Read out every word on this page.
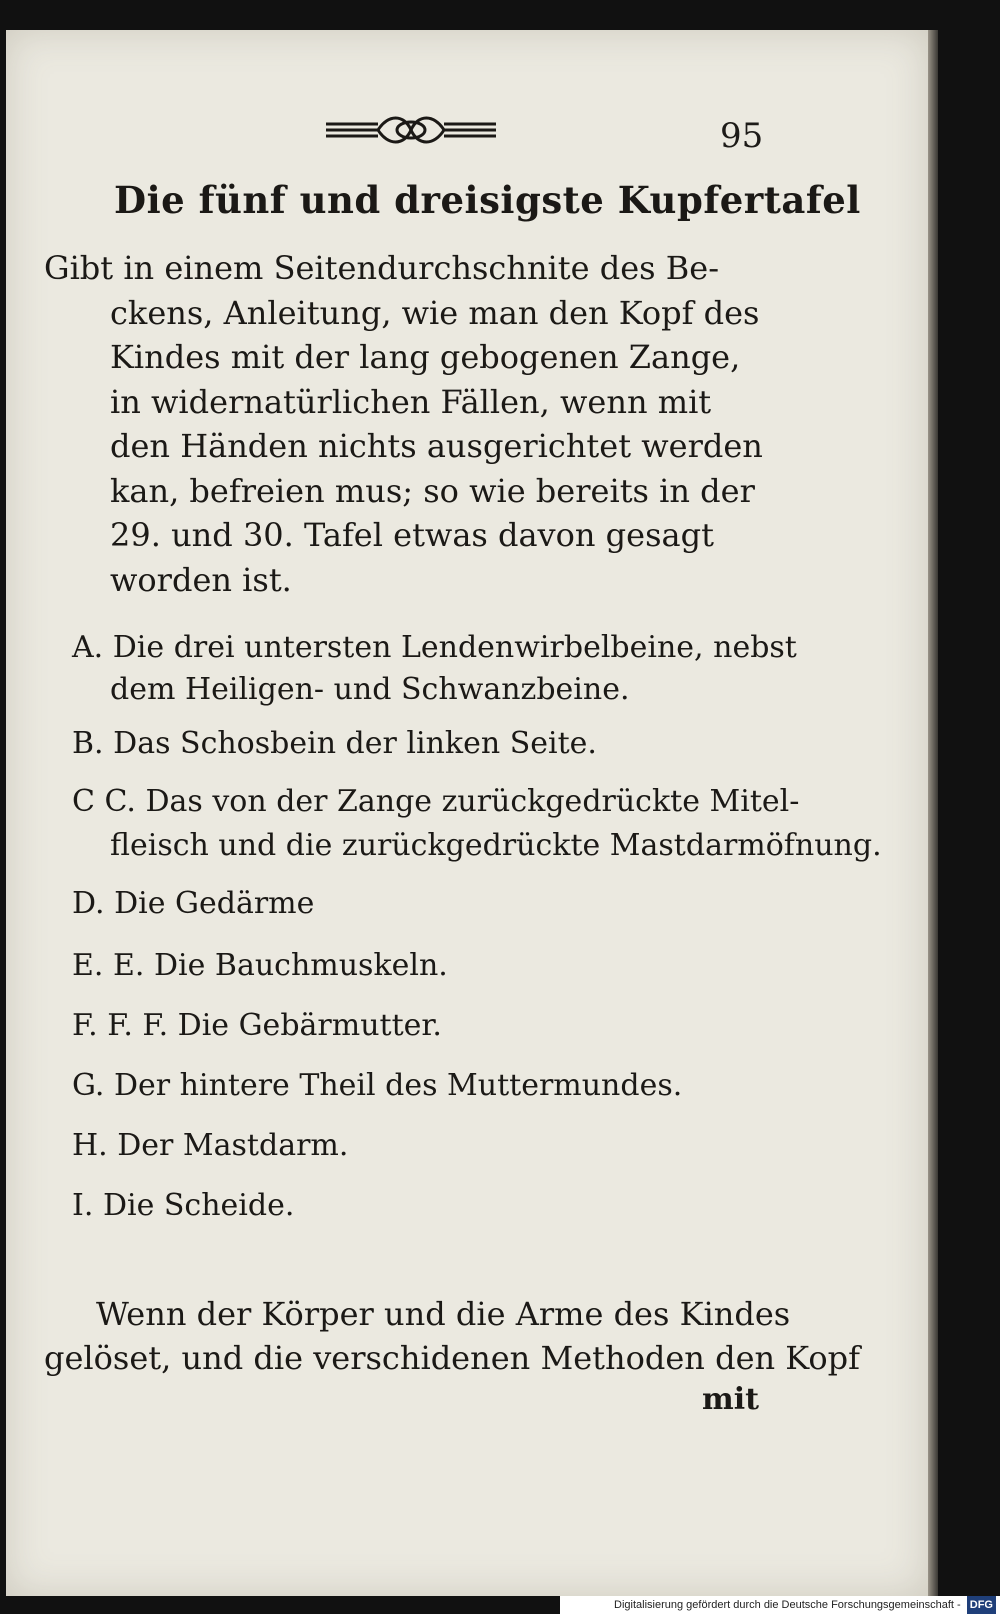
95
Die fünf und dreisigste Kupfertafel
Gibt in einem Seitendurchschnite des Be-
ckens, Anleitung, wie man den Kopf des
Kindes mit der lang gebogenen Zange,
in widernatürlichen Fällen, wenn mit
den Händen nichts ausgerichtet werden
kan, befreien mus; so wie bereits in der
29. und 30. Tafel etwas davon gesagt
worden ist.
A. Die drei untersten Lendenwirbelbeine, nebst
dem Heiligen- und Schwanzbeine.
B. Das Schosbein der linken Seite.
C C. Das von der Zange zurückgedrückte Mitel-
fleisch und die zurückgedrückte Mastdarmöfnung.
D. Die Gedärme
E. E. Die Bauchmuskeln.
F. F. F. Die Gebärmutter.
G. Der hintere Theil des Muttermundes.
H. Der Mastdarm.
I. Die Scheide.
Wenn der Körper und die Arme des Kindes
gelöset, und die verschidenen Methoden den Kopf
mit
Digitalisierung gefördert durch die Deutsche Forschungsgemeinschaft - DFG
